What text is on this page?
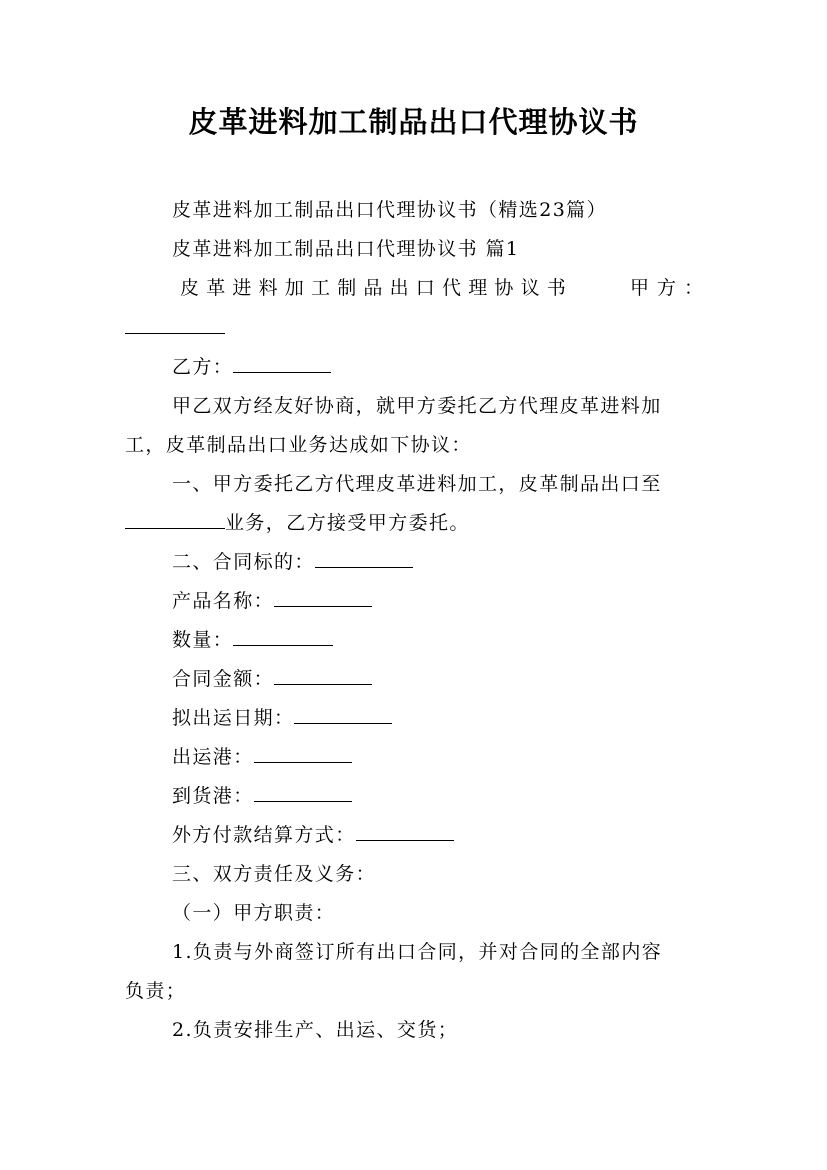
皮革进料加工制品出口代理协议书
皮革进料加工制品出口代理协议书（精选23篇）
皮革进料加工制品出口代理协议书 篇1
皮革进料加工制品出口代理协议书	甲方：
乙方：
甲乙双方经友好协商，就甲方委托乙方代理皮革进料加
工，皮革制品出口业务达成如下协议：
一、甲方委托乙方代理皮革进料加工，皮革制品出口至
业务，乙方接受甲方委托。
二、合同标的：
产品名称：
数量：
合同金额：
拟出运日期：
出运港：
到货港：
外方付款结算方式：
三、双方责任及义务：
（一）甲方职责：
1.负责与外商签订所有出口合同，并对合同的全部内容
负责；
2.负责安排生产、出运、交货；
